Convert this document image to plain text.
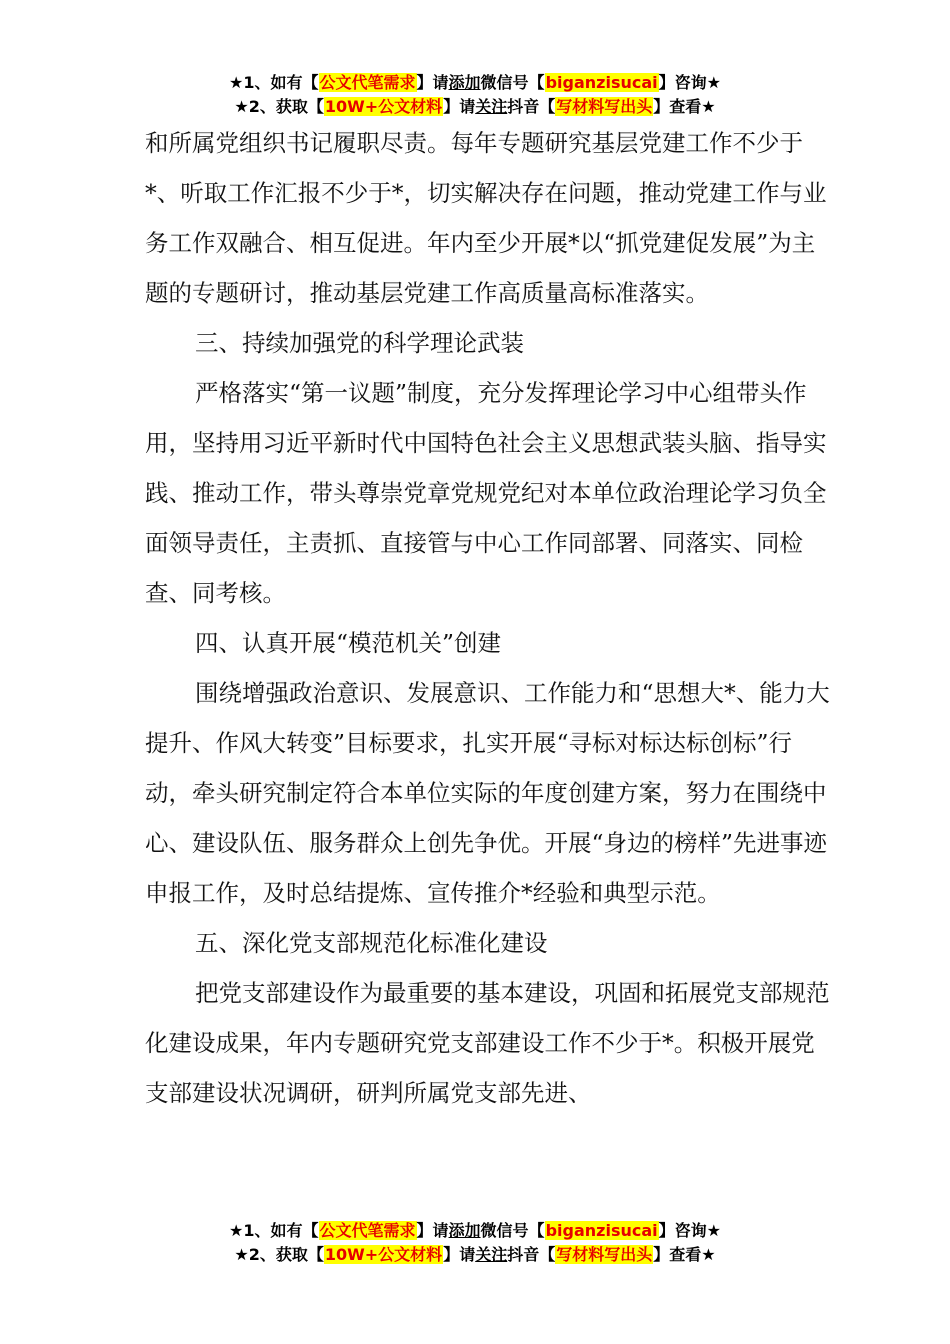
★1、如有【公文代笔需求】请添加微信号【biganzisucai】咨询★
★2、获取【10W+公文材料】请关注抖音【写材料写出头】查看★

和所属党组织书记履职尽责。每年专题研究基层党建工作不少于*、听取工作汇报不少于*，切实解决存在问题，推动党建工作与业务工作双融合、相互促进。年内至少开展*以“抓党建促发展”为主题的专题研讨，推动基层党建工作高质量高标准落实。

三、持续加强党的科学理论武装

严格落实“第一议题”制度，充分发挥理论学习中心组带头作用，坚持用习近平新时代中国特色社会主义思想武装头脑、指导实践、推动工作，带头尊崇党章党规党纪对本单位政治理论学习负全面领导责任，主责抓、直接管与中心工作同部署、同落实、同检查、同考核。

四、认真开展“模范机关”创建

围绕增强政治意识、发展意识、工作能力和“思想大*、能力大提升、作风大转变”目标要求，扎实开展“寻标对标达标创标”行动，牵头研究制定符合本单位实际的年度创建方案，努力在围绕中心、建设队伍、服务群众上创先争优。开展“身边的榜样”先进事迹申报工作，及时总结提炼、宣传推介*经验和典型示范。

五、深化党支部规范化标准化建设

把党支部建设作为最重要的基本建设，巩固和拓展党支部规范化建设成果，年内专题研究党支部建设工作不少于*。积极开展党支部建设状况调研，研判所属党支部先进、

★1、如有【公文代笔需求】请添加微信号【biganzisucai】咨询★
★2、获取【10W+公文材料】请关注抖音【写材料写出头】查看★
